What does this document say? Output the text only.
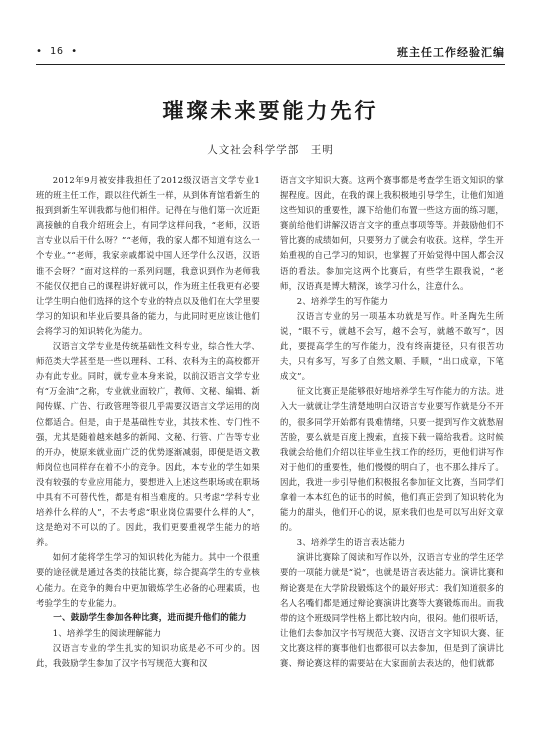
• 16 •	班主任工作经验汇编
璀璨未来要能力先行
人文社会科学学部　王明

2012年9月被安排我担任了2012级汉语言文学专业1班的班主任工作，跟以往代新生一样，从到体育馆看新生的报到到新生军训我都与他们相伴。记得在与他们第一次近距离接触的自我介绍班会上，有同学这样问我，“老师，汉语言专业以后干什么呀？”“老师，我的家人都不知道有这么一个专业。”“老师，我家亲戚都说中国人还学什么汉语，汉语谁不会呀？”面对这样的一系列问题，我意识到作为老师我不能仅仅把自己的课程讲好就可以，作为班主任我更有必要让学生明白他们选择的这个专业的特点以及他们在大学里要学习的知识和毕业后要具备的能力，与此同时更应该让他们会将学习的知识转化为能力。

汉语言文学专业是传统基础性文科专业，综合性大学、师范类大学甚至是一些以理科、工科、农科为主的高校都开办有此专业。同时，就专业本身来说，以前汉语言文学专业有“万金油”之称，专业就业面较广，教师、文秘、编辑、新闻传媒、广告、行政管理等很几乎需要汉语言文学运用的岗位都适合。但是，由于是基础性专业，其技术性、专门性不强，尤其是随着越来越多的新闻、文秘、行管、广告等专业的开办，使原来就业面广泛的优势逐渐减弱，即便是语文教师岗位也同样存在着不小的竞争。因此，本专业的学生如果没有较强的专业应用能力，要想进入上述这些职场或在职场中具有不可替代性，都是有相当难度的。只考虑“学科专业培养什么样的人”，不去考虑“职业岗位需要什么样的人”，这是绝对不可以的了。因此，我们更要重视学生能力的培养。

如何才能将学生学习的知识转化为能力。其中一个很重要的途径就是通过各类的技能比赛，综合提高学生的专业核心能力。在竞争的舞台中更加锻炼学生必备的心理素质，也考验学生的专业能力。

一、鼓励学生参加各种比赛，进而提升他们的能力
1、培养学生的阅读理解能力

汉语言专业的学生扎实的知识功底是必不可少的。因此，我鼓励学生参加了汉字书写规范大赛和汉

语言文字知识大赛。这两个赛事都是考查学生语文知识的掌握程度。因此，在我的课上我积极地引导学生，让他们知道这些知识的重要性，課下给他们布置一些这方面的练习题，赛前给他们讲解汉语言文字的重点事项等等。并鼓励他们不管比赛的成绩如何，只要努力了就会有收获。这样，学生开始重视的自己学习的知识，也掌握了开始觉得中国人都会汉语的看法。参加完这两个比赛后，有些学生跟我说，“老师，汉语真是博大精深，该学习什么，注意什么。

2、培养学生的写作能力

汉语言专业的另一项基本功就是写作。叶圣陶先生所说，“眼不亏，就越不会写，越不会写，就越不敢写”，因此，要提高学生的写作能力，没有终南捷径，只有很苦功夫，只有多写，写多了自然文顺、手顺，“出口成章，下笔成文”。

征文比赛正是能够很好地培养学生写作能力的方法。进入大一就就让学生清楚地明白汉语言专业要写作就是分不开的，很多同学开始都有畏难情绪，只要一提到写作文就愁眉苦脸，要么就是百度上搜索，直接下载一篇给我看。这时候我就会给他们介绍以往毕业生找工作的经历，更他们讲写作对于他们的重要性，他们慢慢的明白了，也不那么排斥了。因此，我进一步引导他们积极报名参加征文比赛，当同学们拿着一本本红色的证书的时候，他们真正尝到了知识转化为能力的甜头，他们开心的说，原来我们也是可以写出好文章的。

3、培养学生的语言表达能力

演讲比赛除了阅读和写作以外，汉语言专业的学生还学要的一项能力就是“说”，也就是语言表达能力。演讲比赛和辩论赛是在大学阶段锻炼这个的最好形式：我们知道很多的名人名嘴们都是通过辩论赛演讲比赛等大赛锻炼而出。而我带的这个班级同学性格上都比较内向，很闷。他们很听话，让他们去参加汉字书写规范大赛、汉语言文字知识大赛、征文比赛这样的赛事他们也都很可以去参加，但是到了演讲比赛、辩论赛这样的需要站在大家面前去表达的，他们就都
